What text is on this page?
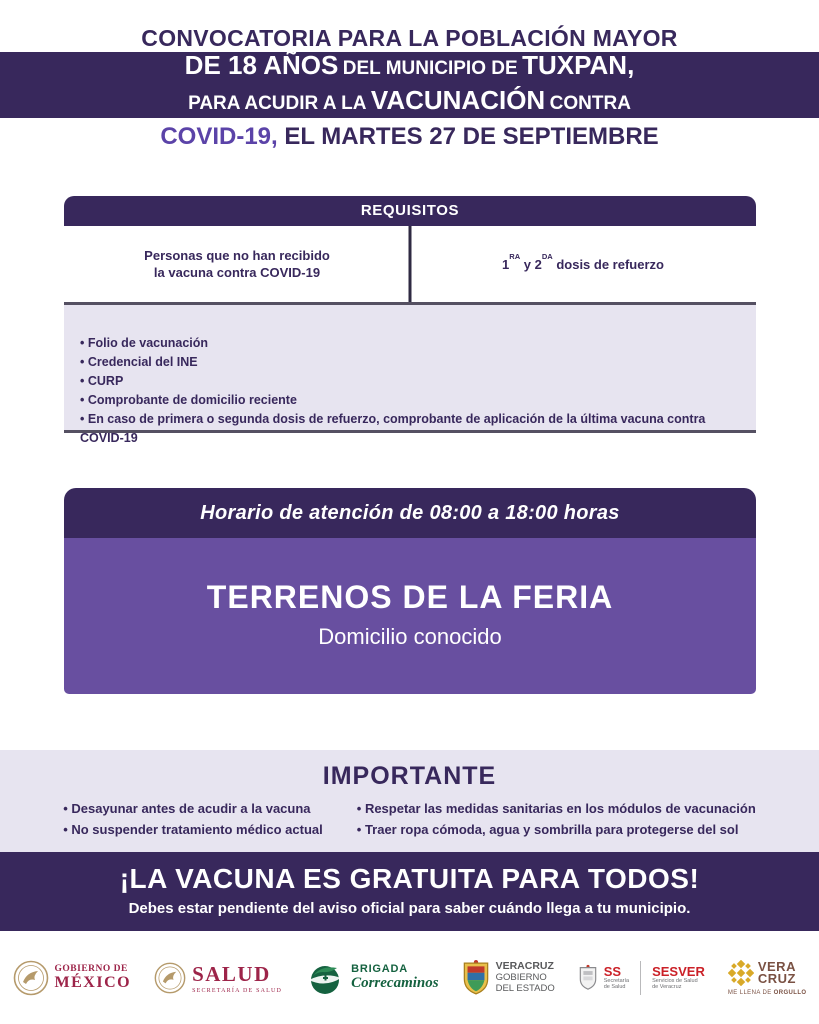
CONVOCATORIA PARA LA POBLACIÓN MAYOR
DE 18 AÑOS DEL MUNICIPIO DE TUXPAN,
PARA ACUDIR A LA VACUNACIÓN CONTRA
COVID-19, EL MARTES 27 DE SEPTIEMBRE
REQUISITOS
Personas que no han recibido
la vacuna contra COVID-19
$1^{RA}$ y $2^{DA}$ dosis de refuerzo
• Folio de vacunación
• Credencial del INE
• CURP
• Comprobante de domicilio reciente
• En caso de primera o segunda dosis de refuerzo, comprobante de aplicación de la última vacuna contra COVID-19
Horario de atención de 08:00 a 18:00 horas
TERRENOS DE LA FERIA
Domicilio conocido
IMPORTANTE
• Desayunar antes de acudir a la vacuna
• No suspender tratamiento médico actual
• Respetar las medidas sanitarias en los módulos de vacunación
• Traer ropa cómoda, agua y sombrilla para protegerse del sol
¡LA VACUNA ES GRATUITA PARA TODOS!
Debes estar pendiente del aviso oficial para saber cuándo llega a tu municipio.
GOBIERNO DE
MÉXICO	SALUD
SECRETARÍA DE SALUD
BRIGADA
Correcaminos
VERACRUZ
GOBIERNO
DEL ESTADO
SS
Secretaría
de Salud
SESVER
Servicios de Salud
de Veracruz
VERA
CRUZ
ME LLENA DE ORGULLO
